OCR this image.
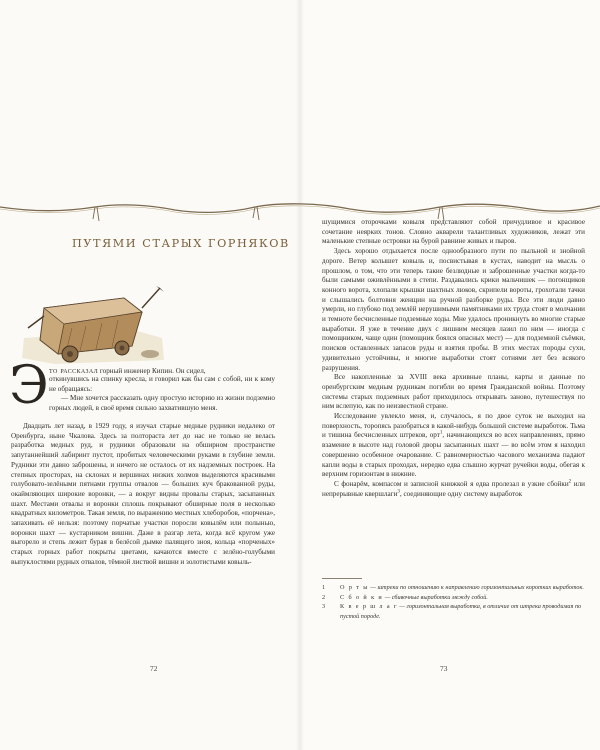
ПУТЯМИ СТАРЫХ ГОРНЯКОВ
Э то рассказал горный инженер Кипин. Он сидел,

откинувшись на спинку кресла, и говорил как бы сам с собой, ни к кому не обращаясь:

— Мне хочется рассказать одну простую историю из жизни подземно горных людей, в своё время сильно захватившую меня.

Двадцать лет назад, в 1929 году, я изучал старые медные рудники недалеко от Оренбурга, ныне Чкалова. Здесь за полтораста лет до нас не только не велась разработка медных руд, и рудники образовали на обширном пространстве запутаннейший лабиринт пустот, пробитых человеческими руками в глубине земли. Рудники эти давно заброшены, и ничего не осталось от их надземных построек. На степных просторах, на склонах и вершинах низких холмов выделяются красивыми голубовато-зелёными пятнами группы отвалов — больших куч бракованной руды, окаймляющих широкие воронки, — а вокруг видны провалы старых, засыпанных шахт. Местами отвалы и воронки сплошь покрывают обширные поля в несколько квадратных километров. Такая земля, по выражению местных хлеборобов, «порчена», запахивать её нельзя: поэтому порчатые участки поросли ковылём или полынью, воронки шахт — кустарником вишни. Даже в разгар лета, когда всё кругом уже выгорело и степь лежит бурая в белёсой дымке палящего зноя, кольца «порченых» старых горных работ покрыты цветами, качаются вместе с зелёно-голубыми выпуклостями рудных отвалов, тёмной листвой вишни и золотистыми ковыль-

72

шущимися оторочками ковыля представляют собой причудливое и красивое сочетание неярких тонов. Словно акварели талантливых художников, лежат эти маленькие степные островки на бурой равнине живых и пыров.

Здесь хорошо отдыхается после однообразного пути по пыльной и знойной дороге. Ветер колышет ковыль и, посвистывая в кустах, наводит на мысль о прошлом, о том, что эти теперь такие безлюдные и заброшенные участки когда-то были самыми оживлёнными в степи. Раздавались крики мальчишек — погонщиков конного ворота, хлопали крышки шахтных люков, скрипели вороты, грохотали тачки и слышались болтовня женщин на ручной разборке руды. Все эти люди давно умерли, но глубоко под землёй нерушимыми памятниками их труда стоят в молчании и темноте бесчисленные подземные ходы. Мне удалось проникнуть во многие старые выработки. Я уже в течение двух с лишним месяцев лазил по ним — иногда с помощником, чаще один (помощник боялся опасных мест) — для подземной съёмки, поисков оставленных запасов руды и взятия пробы. В этих местах породы сухи, удивительно устойчивы, и многие выработки стоят сотнями лет без всякого разрушения.

Все накопленные за XVIII века архивные планы, карты и данные по оренбургским медным рудникам погибли во время Гражданской войны. Поэтому системы старых подземных работ приходилось открывать заново, путешествуя по ним вслепую, как по неизвестной стране.

Исследование увлекло меня, и, случалось, я по двое суток не выходил на поверхность, торопясь разобраться в какой-нибудь большой системе выработок. Тьма и тишина бесчисленных штреков, орт$^1$, начинающихся во всех направлениях, прямо взамение в высоте над головой дворы засыпанных шахт — во всём этом я находил совершенно особенное очарование. С равномерностью часового механизма падают капли воды в старых проходах, нередко едва слышно журчат ручейки воды, обегая к верхним горизонтам в нижние.

С фонарём, компасом и записной книжкой я едва пролезал в узкие сбойки$^2$ или непрерывные квершлаги$^3$, соединяющие одну систему выработок

1	О р т ы — штреки по отношению к направлению горизонтальных коротких выработок.
2	С б о й к и — сбивочные выработки между собой.
3	К в е р ш л а г — горизонтальная выработка, в отличие от штрека проводимая по пустой породе.
73
